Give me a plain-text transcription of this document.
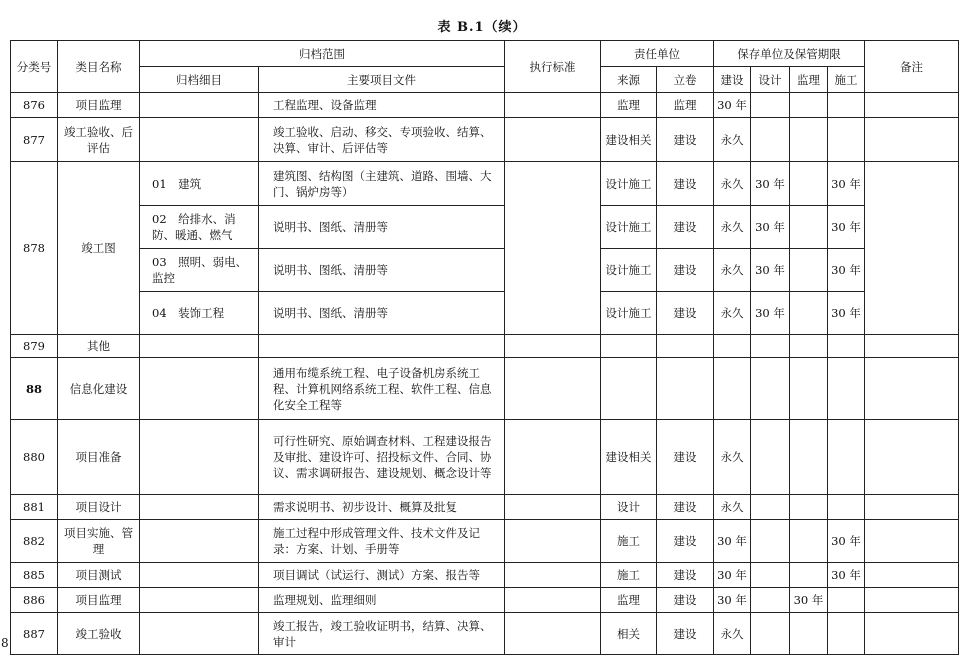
表 B.1（续）
分类号	类目名称	归档范围		执行标准	责任单位		保存单位及保管期限				备注
		归档细目	主要项目文件		来源	立卷	建设	设计	监理	施工	
876	项目监理		工程监理、设备监理		监理	监理	30 年				
877	竣工验收、后评估		竣工验收、启动、移交、专项验收、结算、决算、审计、后评估等		建设相关	建设	永久				
878	竣工图	01　建筑	建筑图、结构图（主建筑、道路、围墙、大门、锅炉房等）		设计施工	建设	永久	30 年		30 年	
		02　给排水、消防、暖通、燃气	说明书、图纸、清册等		设计施工	建设	永久	30 年		30 年	
		03　照明、弱电、监控	说明书、图纸、清册等		设计施工	建设	永久	30 年		30 年	
		04　装饰工程	说明书、图纸、清册等		设计施工	建设	永久	30 年		30 年	
879	其他										
88	信息化建设		通用布缆系统工程、电子设备机房系统工程、计算机网络系统工程、软件工程、信息化安全工程等								
880	项目准备		可行性研究、原始调查材料、工程建设报告及审批、建设许可、招投标文件、合同、协议、需求调研报告、建设规划、概念设计等		建设相关	建设	永久				
881	项目设计		需求说明书、初步设计、概算及批复		设计	建设	永久				
882	项目实施、管理		施工过程中形成管理文件、技术文件及记录：方案、计划、手册等		施工	建设	30 年			30 年	
885	项目测试		项目调试（试运行、测试）方案、报告等		施工	建设	30 年			30 年	
886	项目监理		监理规划、监理细则		监理	建设	30 年		30 年		
887	竣工验收		竣工报告，竣工验收证明书，结算、决算、审计		相关	建设	永久				
8
